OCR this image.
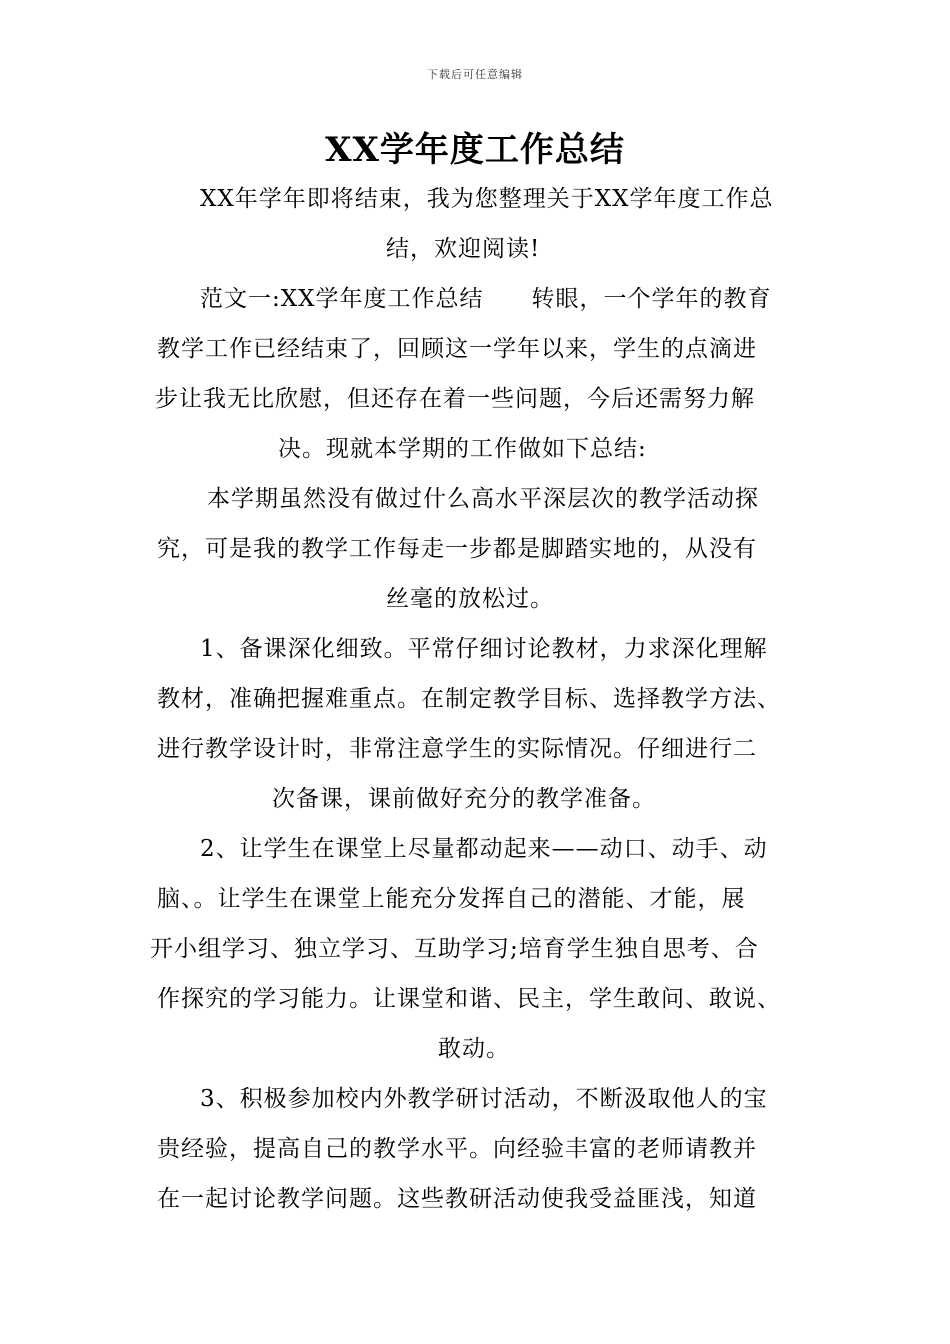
下载后可任意编辑
XX学年度工作总结
XX年学年即将结束，我为您整理关于XX学年度工作总
结，欢迎阅读!
范文一:XX学年度工作总结　　转眼，一个学年的教育
教学工作已经结束了，回顾这一学年以来，学生的点滴进
步让我无比欣慰，但还存在着一些问题，今后还需努力解
决。现就本学期的工作做如下总结:
本学期虽然没有做过什么高水平深层次的教学活动探
究，可是我的教学工作每走一步都是脚踏实地的，从没有
丝毫的放松过。
1、备课深化细致。平常仔细讨论教材，力求深化理解
教材，准确把握难重点。在制定教学目标、选择教学方法、
进行教学设计时，非常注意学生的实际情况。仔细进行二
次备课，课前做好充分的教学准备。
2、让学生在课堂上尽量都动起来——动口、动手、动
脑、。让学生在课堂上能充分发挥自己的潜能、才能，展
开小组学习、独立学习、互助学习;培育学生独自思考、合
作探究的学习能力。让课堂和谐、民主，学生敢问、敢说、
敢动。
3、积极参加校内外教学研讨活动，不断汲取他人的宝
贵经验，提高自己的教学水平。向经验丰富的老师请教并
在一起讨论教学问题。这些教研活动使我受益匪浅，知道
